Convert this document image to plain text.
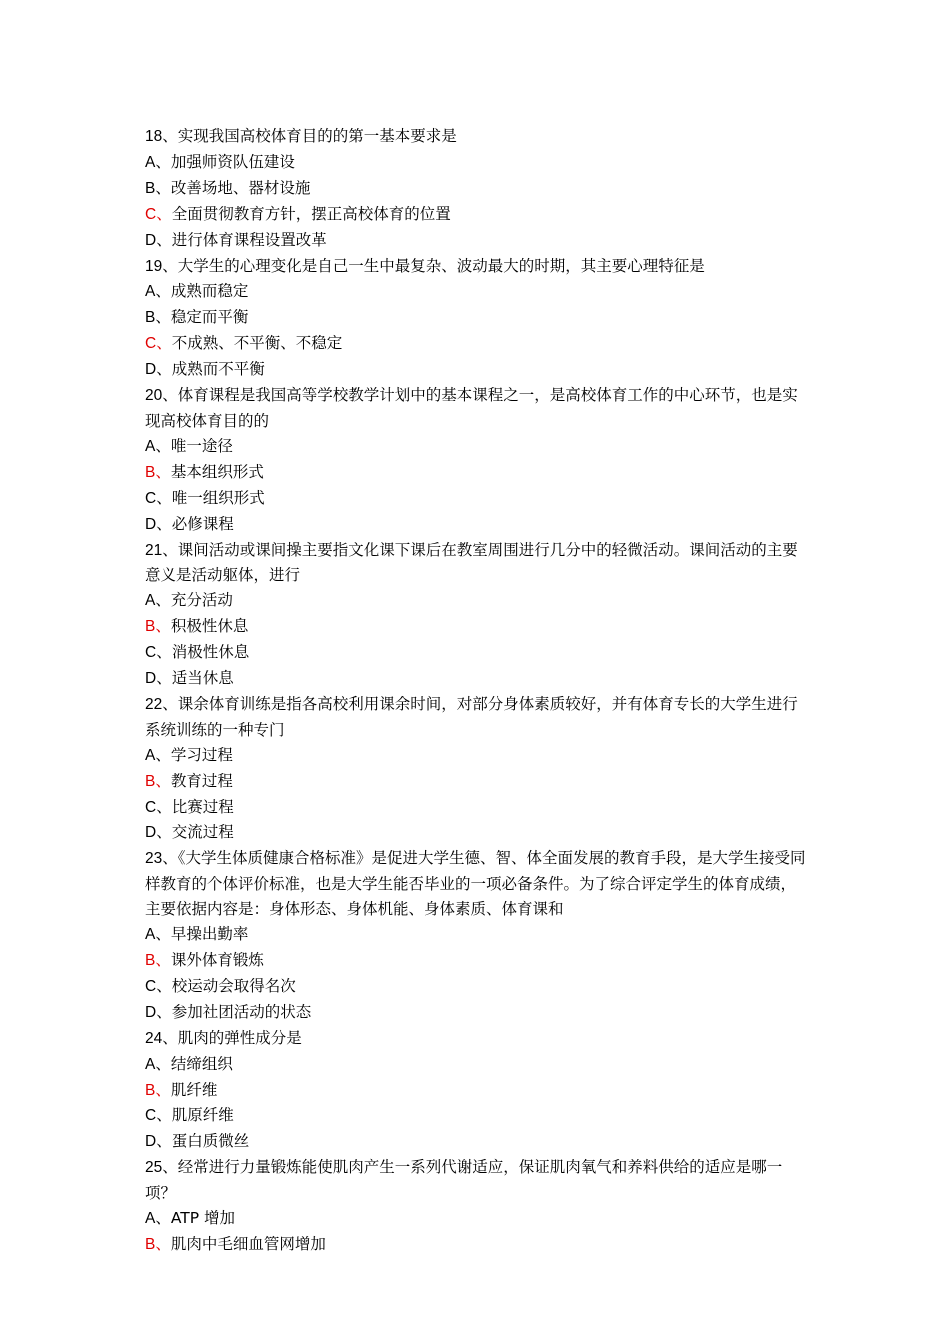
18、实现我国高校体育目的的第一基本要求是
A、加强师资队伍建设
B、改善场地、器材设施
C、全面贯彻教育方针，摆正高校体育的位置
D、进行体育课程设置改革
19、大学生的心理变化是自己一生中最复杂、波动最大的时期，其主要心理特征是
A、成熟而稳定
B、稳定而平衡
C、不成熟、不平衡、不稳定
D、成熟而不平衡
20、体育课程是我国高等学校教学计划中的基本课程之一，是高校体育工作的中心环节，也是实现高校体育目的的
A、唯一途径
B、基本组织形式
C、唯一组织形式
D、必修课程
21、课间活动或课间操主要指文化课下课后在教室周围进行几分中的轻微活动。课间活动的主要意义是活动躯体，进行
A、充分活动
B、积极性休息
C、消极性休息
D、适当休息
22、课余体育训练是指各高校利用课余时间，对部分身体素质较好，并有体育专长的大学生进行系统训练的一种专门
A、学习过程
B、教育过程
C、比赛过程
D、交流过程
23、《大学生体质健康合格标准》是促进大学生德、智、体全面发展的教育手段，是大学生接受同样教育的个体评价标准，也是大学生能否毕业的一项必备条件。为了综合评定学生的体育成绩，主要依据内容是：身体形态、身体机能、身体素质、体育课和
A、早操出勤率
B、课外体育锻炼
C、校运动会取得名次
D、参加社团活动的状态
24、肌肉的弹性成分是
A、结缔组织
B、肌纤维
C、肌原纤维
D、蛋白质微丝
25、经常进行力量锻炼能使肌肉产生一系列代谢适应，保证肌肉氧气和养料供给的适应是哪一项？
A、ATP 增加
B、肌肉中毛细血管网增加
